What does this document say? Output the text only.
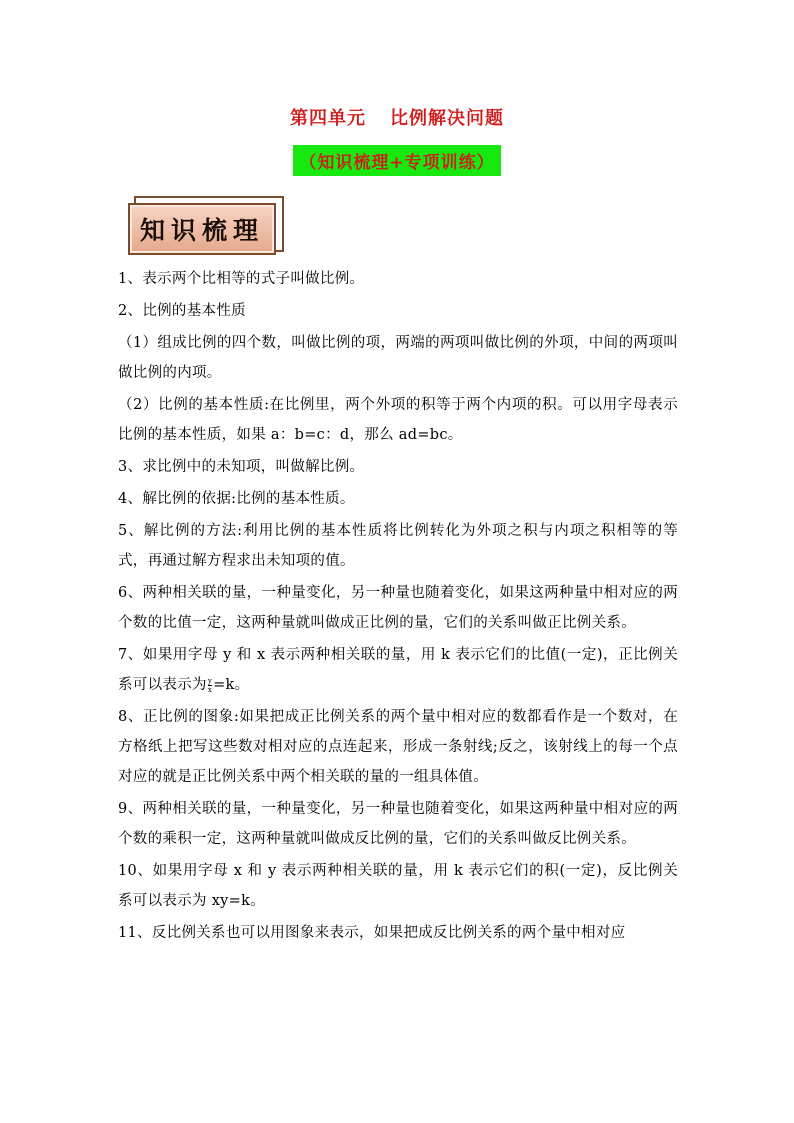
第四单元 比例解决问题
（知识梳理+专项训练）
知识梳理

1、表示两个比相等的式子叫做比例。

2、比例的基本性质

（1）组成比例的四个数，叫做比例的项，两端的两项叫做比例的外项，中间的两项叫做比例的内项。

（2）比例的基本性质:在比例里，两个外项的积等于两个内项的积。可以用字母表示比例的基本性质，如果 a：b=c：d，那么 ad=bc。

3、求比例中的未知项，叫做解比例。

4、解比例的依据:比例的基本性质。

5、解比例的方法:利用比例的基本性质将比例转化为外项之积与内项之积相等的等式，再通过解方程求出未知项的值。

6、两种相关联的量，一种量变化，另一种量也随着变化，如果这两种量中相对应的两个数的比值一定，这两种量就叫做成正比例的量，它们的关系叫做正比例关系。

7、如果用字母 y 和 x 表示两种相关联的量，用 k 表示它们的比值(一定)，正比例关系可以表示为 $\frac{y}{x} =k$。

8、正比例的图象:如果把成正比例关系的两个量中相对应的数都看作是一个数对，在方格纸上把写这些数对相对应的点连起来，形成一条射线;反之，该射线上的每一个点对应的就是正比例关系中两个相关联的量的一组具体值。

9、两种相关联的量，一种量变化，另一种量也随着变化，如果这两种量中相对应的两个数的乘积一定，这两种量就叫做成反比例的量，它们的关系叫做反比例关系。

10、如果用字母 x 和 y 表示两种相关联的量，用 k 表示它们的积(一定)，反比例关系可以表示为 xy=k。

11、反比例关系也可以用图象来表示，如果把成反比例关系的两个量中相对应
